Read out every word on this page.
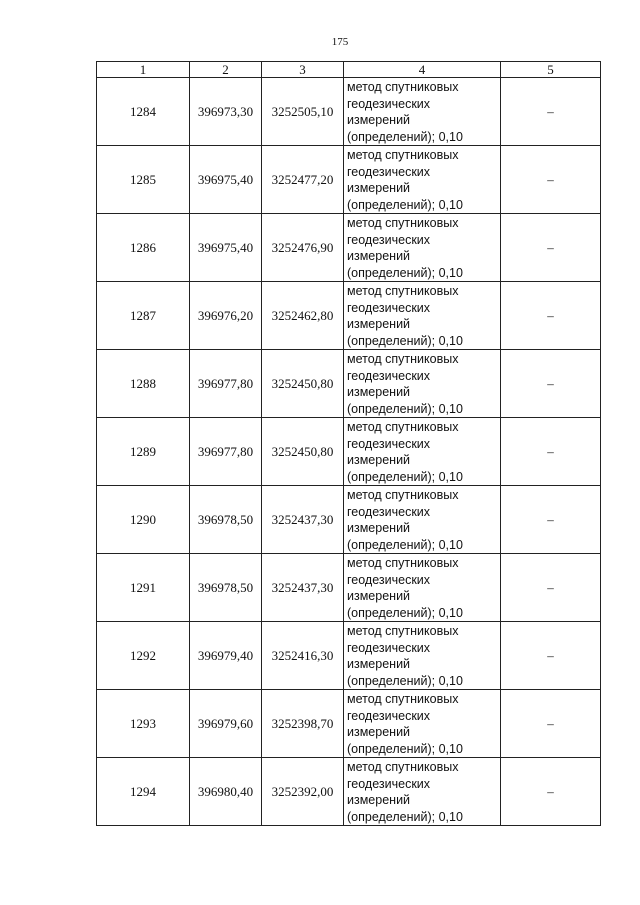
175
1	2	3	4	5
1284	396973,30	3252505,10	метод спутниковых
геодезических
измерений
(определений); 0,10	–
1285	396975,40	3252477,20	метод спутниковых
геодезических
измерений
(определений); 0,10	–
1286	396975,40	3252476,90	метод спутниковых
геодезических
измерений
(определений); 0,10	–
1287	396976,20	3252462,80	метод спутниковых
геодезических
измерений
(определений); 0,10	–
1288	396977,80	3252450,80	метод спутниковых
геодезических
измерений
(определений); 0,10	–
1289	396977,80	3252450,80	метод спутниковых
геодезических
измерений
(определений); 0,10	–
1290	396978,50	3252437,30	метод спутниковых
геодезических
измерений
(определений); 0,10	–
1291	396978,50	3252437,30	метод спутниковых
геодезических
измерений
(определений); 0,10	–
1292	396979,40	3252416,30	метод спутниковых
геодезических
измерений
(определений); 0,10	–
1293	396979,60	3252398,70	метод спутниковых
геодезических
измерений
(определений); 0,10	–
1294	396980,40	3252392,00	метод спутниковых
геодезических
измерений
(определений); 0,10	–
